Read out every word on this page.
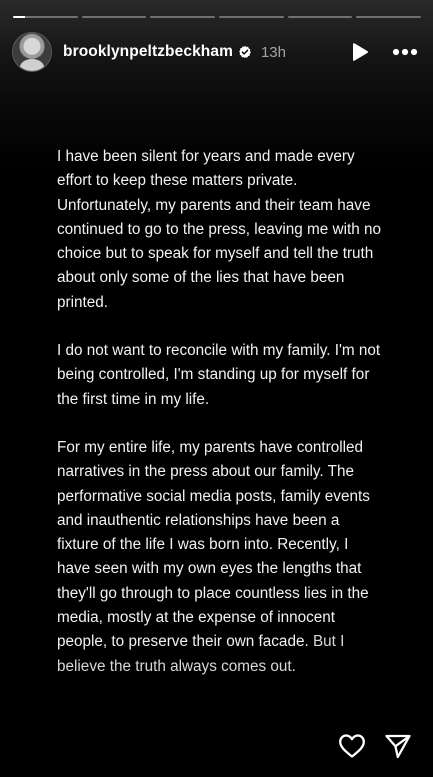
brooklynpeltzbeckham 13h

I have been silent for years and made every effort to keep these matters private. Unfortunately, my parents and their team have continued to go to the press, leaving me with no choice but to speak for myself and tell the truth about only some of the lies that have been printed.

I do not want to reconcile with my family. I'm not being controlled, I'm standing up for myself for the first time in my life.

For my entire life, my parents have controlled narratives in the press about our family. The performative social media posts, family events and inauthentic relationships have been a fixture of the life I was born into. Recently, I have seen with my own eyes the lengths that they'll go through to place countless lies in the media, mostly at the expense of innocent people, to preserve their own facade. But I believe the truth always comes out.
